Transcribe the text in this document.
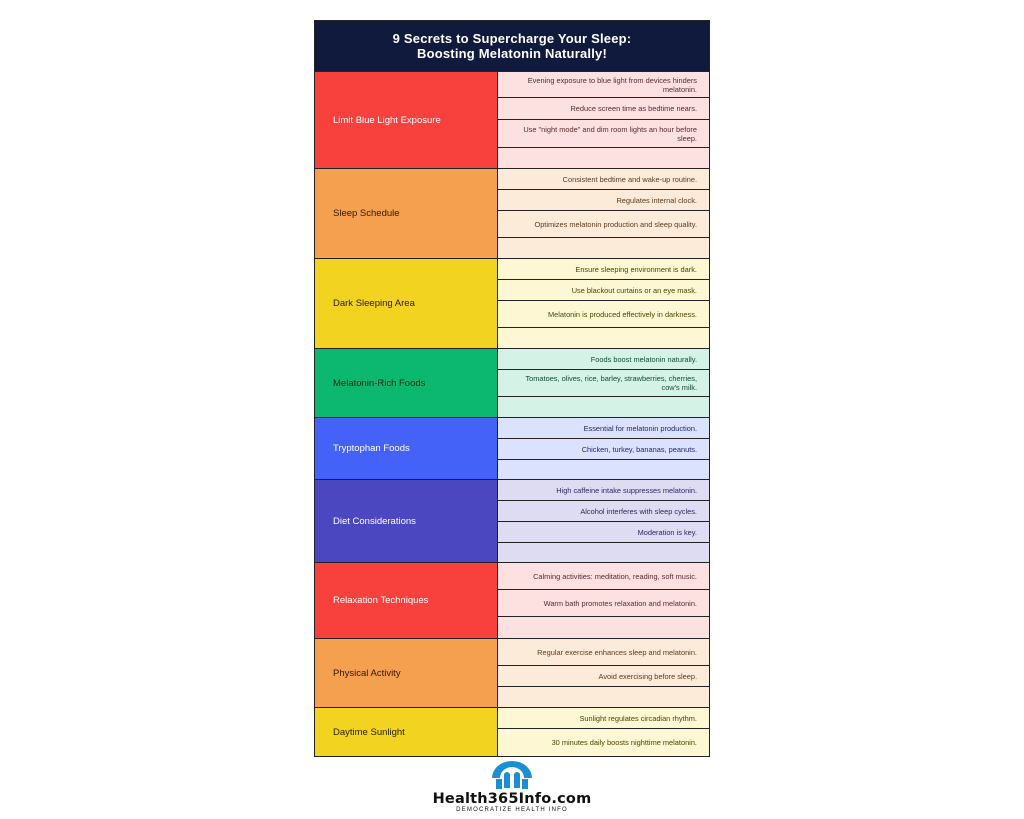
9 Secrets to Supercharge Your Sleep:
Boosting Melatonin Naturally!
Limit Blue Light Exposure
Evening exposure to blue light from devices hinders melatonin.
Reduce screen time as bedtime nears.
Use "night mode" and dim room lights an hour before sleep.
Sleep Schedule
Consistent bedtime and wake-up routine.
Regulates internal clock.
Optimizes melatonin production and sleep quality.
Dark Sleeping Area
Ensure sleeping environment is dark.
Use blackout curtains or an eye mask.
Melatonin is produced effectively in darkness.
Melatonin-Rich Foods
Foods boost melatonin naturally.
Tomatoes, olives, rice, barley, strawberries, cherries, cow's milk.
Tryptophan Foods
Essential for melatonin production.
Chicken, turkey, bananas, peanuts.
Diet Considerations
High caffeine intake suppresses melatonin.
Alcohol interferes with sleep cycles.
Moderation is key.
Relaxation Techniques
Calming activities: meditation, reading, soft music.
Warm bath promotes relaxation and melatonin.
Physical Activity
Regular exercise enhances sleep and melatonin.
Avoid exercising before sleep.
Daytime Sunlight
Sunlight regulates circadian rhythm.
30 minutes daily boosts nighttime melatonin.
Health365Info.com
DEMOCRATIZE HEALTH INFO
